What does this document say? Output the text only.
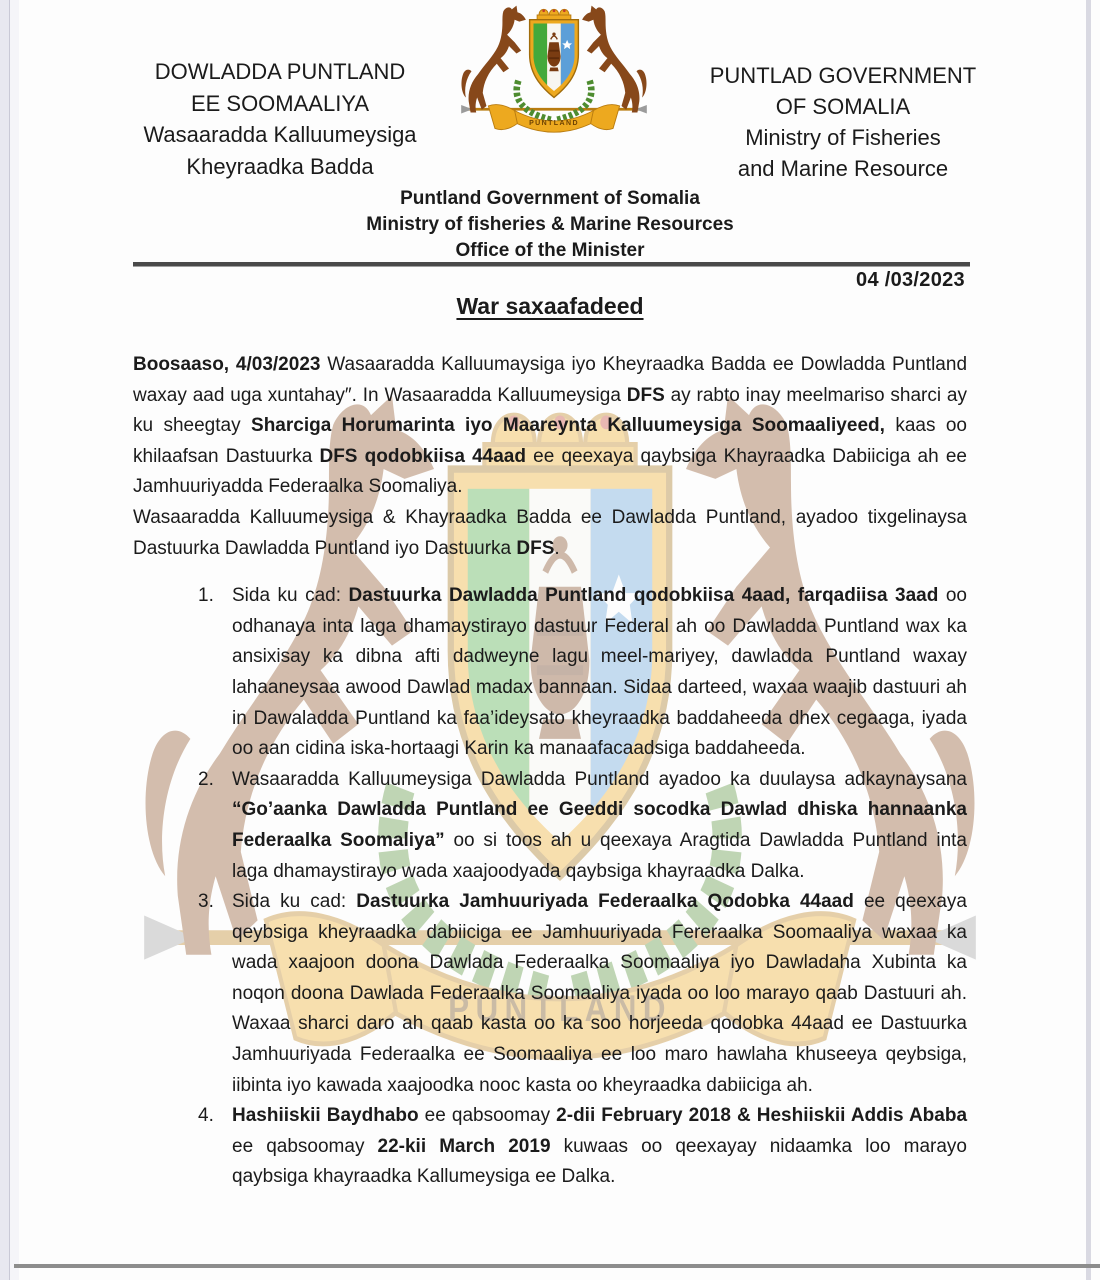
DOWLADDA PUNTLAND
EE SOOMAALIYA
Wasaaradda Kalluumeysiga
Kheyraadka Badda
PUNTLAND
PUNTLAD GOVERNMENT
OF SOMALIA
Ministry of Fisheries
and Marine Resource
Puntland Government of Somalia
Ministry of fisheries & Marine Resources
Office of the Minister
04 /03/2023
War saxaafadeed

Boosaaso, 4/03/2023 Wasaaradda Kalluumaysiga iyo Kheyraadka Badda ee Dowladda Puntland waxay aad uga xuntahay″. In Wasaaradda Kalluumeysiga DFS ay rabto inay meelmariso sharci ay ku sheegtay Sharciga Horumarinta iyo Maareynta Kalluumeysiga Soomaaliyeed, kaas oo khilaafsan Dastuurka DFS qodobkiisa 44aad ee qeexaya qaybsiga Khayraadka Dabiiciga ah ee Jamhuuriyadda Federaalka Soomaliya.

Wasaaradda Kalluumeysiga & Khayraadka Badda ee Dawladda Puntland, ayadoo tixgelinaysa Dastuurka Dawladda Puntland iyo Dastuurka DFS.

1. Sida ku cad: Dastuurka Dawladda Puntland qodobkiisa 4aad, farqadiisa 3aad oo odhanaya inta laga dhamaystirayo dastuur Federal ah oo Dawladda Puntland wax ka ansixisay ka dibna afti dadweyne lagu meel-mariyey, dawladda Puntland waxay lahaaneysaa awood Dawlad madax bannaan. Sidaa darteed, waxaa waajib dastuuri ah in Dawaladda Puntland ka faa’ideysato kheyraadka baddaheeda dhex cegaaga, iyada oo aan cidina iska-hortaagi Karin ka manaafacaadsiga baddaheeda.
2. Wasaaradda Kalluumeysiga Dawladda Puntland ayadoo ka duulaysa adkaynaysana “Go’aanka Dawladda Puntland ee Geeddi socodka Dawlad dhiska hannaanka Federaalka Soomaliya” oo si toos ah u qeexaya Aragtida Dawladda Puntland inta laga dhamaystirayo wada xaajoodyada qaybsiga khayraadka Dalka.
3. Sida ku cad: Dastuurka Jamhuuriyada Federaalka Qodobka 44aad ee qeexaya qeybsiga kheyraadka dabiiciga ee Jamhuuriyada Fereraalka Soomaaliya waxaa ka wada xaajoon doona Dawlada Federaalka Soomaaliya iyo Dawladaha Xubinta ka noqon doona Dawlada Federaalka Soomaaliya iyada oo loo marayo qaab Dastuuri ah. Waxaa sharci daro ah qaab kasta oo ka soo horjeeda qodobka 44aad ee Dastuurka Jamhuuriyada Federaalka ee Soomaaliya ee loo maro hawlaha khuseeya qeybsiga, iibinta iyo kawada xaajoodka nooc kasta oo kheyraadka dabiiciga ah.
4. Hashiiskii Baydhabo ee qabsoomay 2-dii February 2018 & Heshiiskii Addis Ababa ee qabsoomay 22-kii March 2019 kuwaas oo qeexayay nidaamka loo marayo qaybsiga khayraadka Kallumeysiga ee Dalka.
